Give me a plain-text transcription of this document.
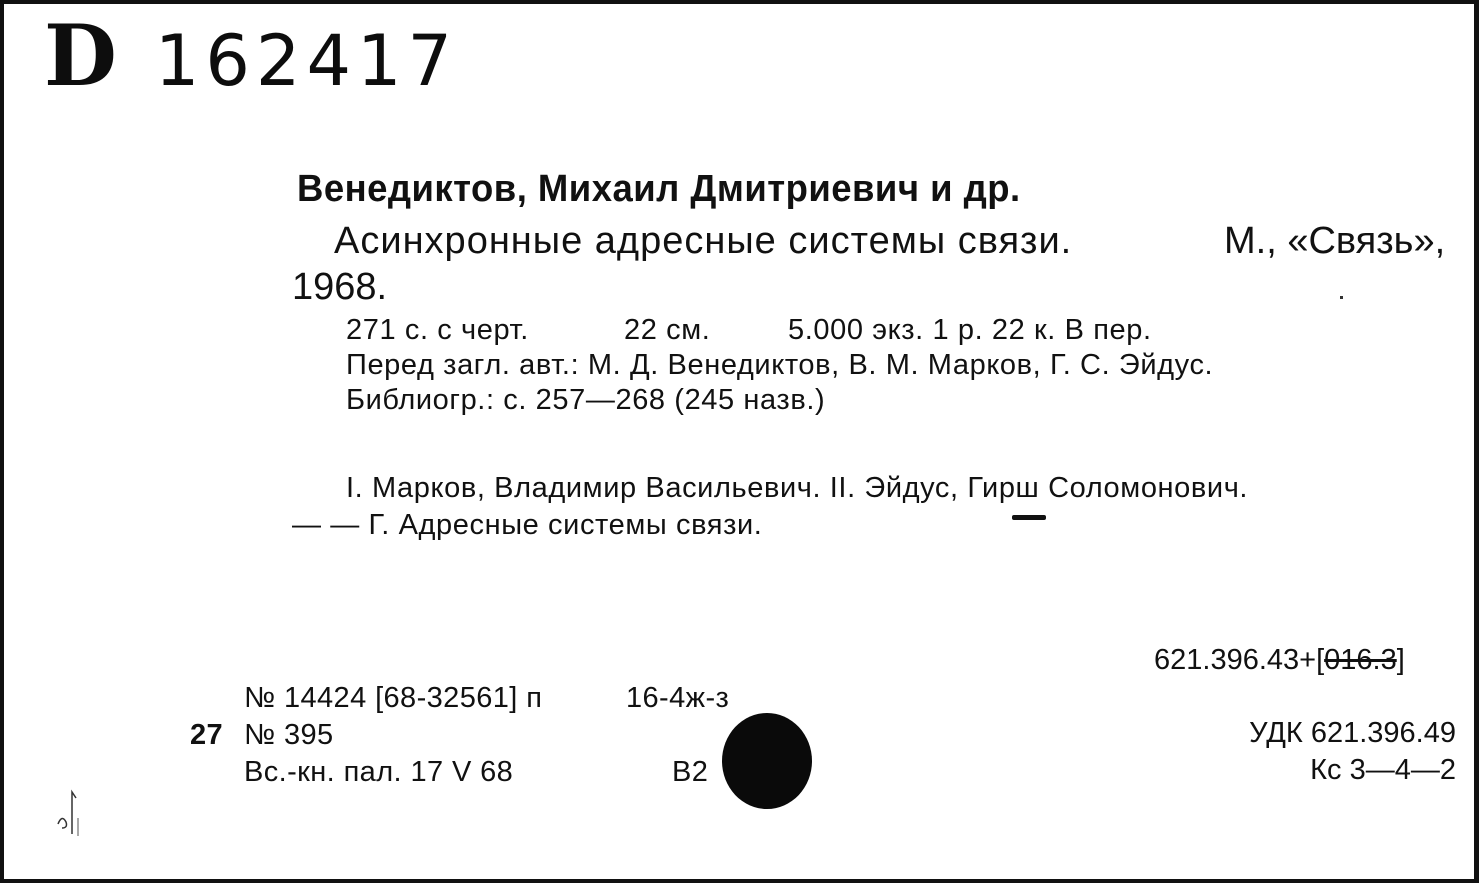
D 162417
Венедиктов, Михаил Дмитриевич и др.
Асинхронные адресные системы связи.	М., «Связь»,
1968.
271 с. с черт.	22 см.	5.000 экз. 1 р. 22 к. В пер.
Перед загл. авт.: М. Д. Венедиктов, В. М. Марков, Г. С. Эйдус.
Библиогр.: с. 257—268 (245 назв.)
I. Марков, Владимир Васильевич. II. Эйдус, Гирш Соломонович.
— — Г. Адресные системы связи.
621.396.43+[016.3]
УДК 621.396.49
Кс 3—4—2
№ 14424 [68-32561] п	16-4ж-з
27 № 395
Вс.-кн. пал. 17 V 68	В2
